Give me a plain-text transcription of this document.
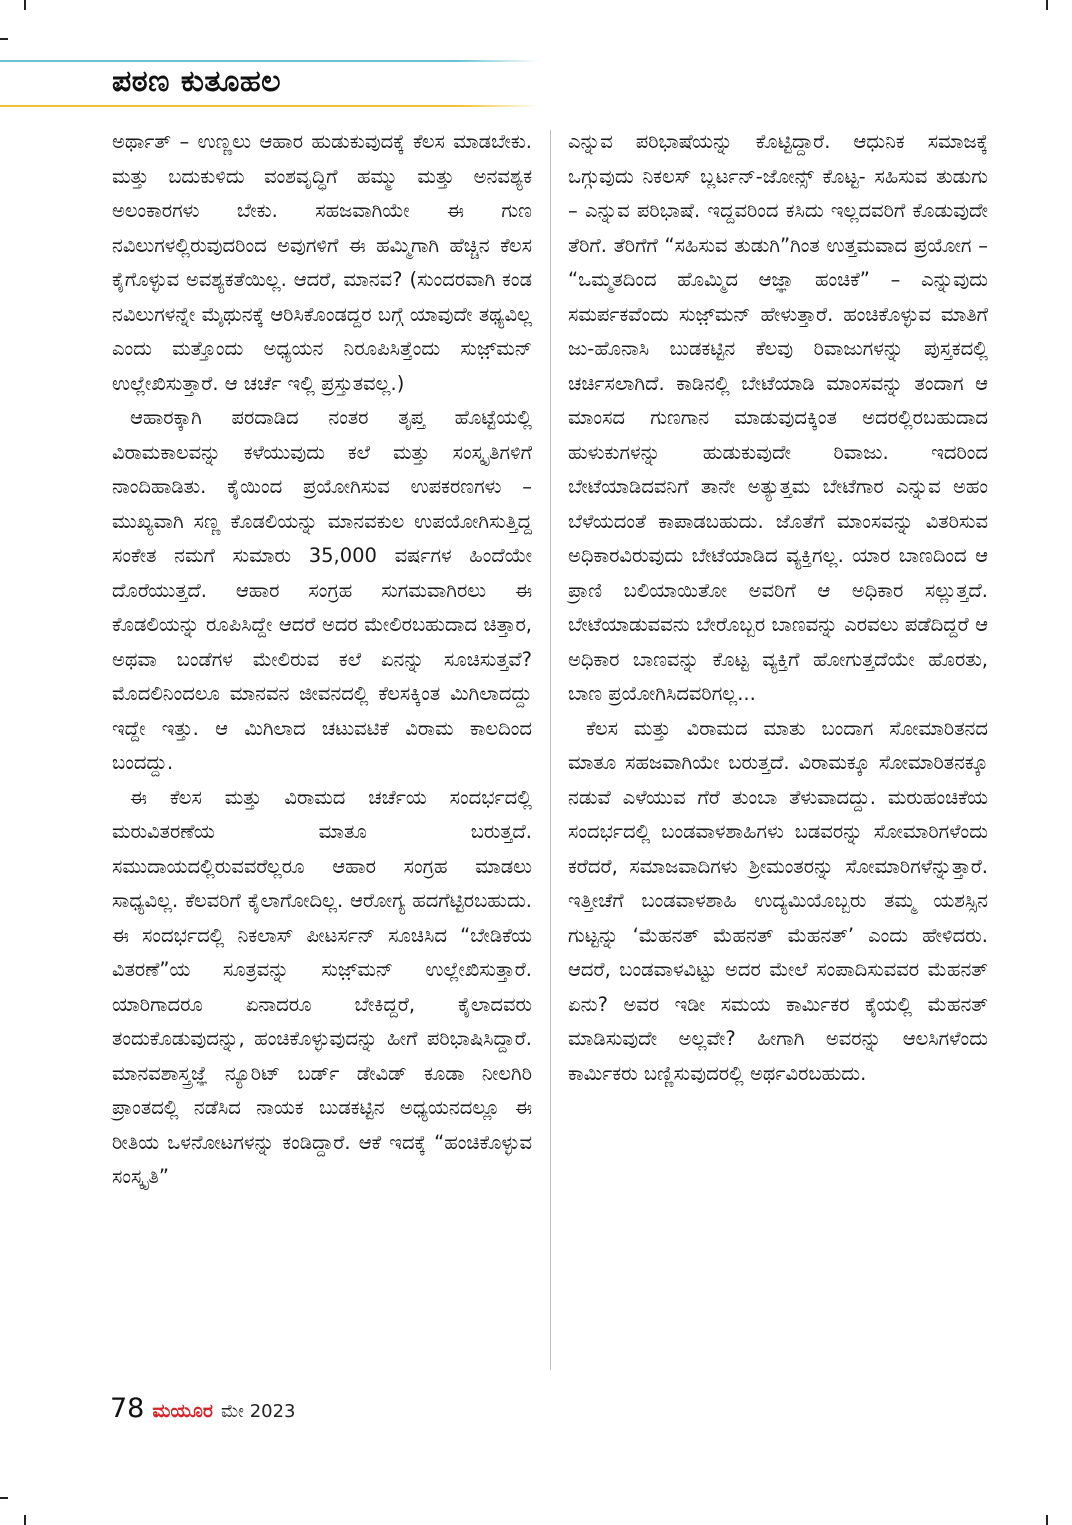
ಪಠಣ ಕುತೂಹಲ

ಅರ್ಥಾತ್ – ಉಣ್ಣಲು ಆಹಾರ ಹುಡುಕುವುದಕ್ಕೆ ಕೆಲಸ ಮಾಡಬೇಕು. ಮತ್ತು ಬದುಕುಳಿದು ವಂಶವೃದ್ಧಿಗೆ ಹಮ್ಮು ಮತ್ತು ಅನವಶ್ಯಕ ಅಲಂಕಾರಗಳು ಬೇಕು. ಸಹಜವಾಗಿಯೇ ಈ ಗುಣ ನವಿಲುಗಳಲ್ಲಿರುವುದರಿಂದ ಅವುಗಳಿಗೆ ಈ ಹಮ್ಮಿಗಾಗಿ ಹೆಚ್ಚಿನ ಕೆಲಸ ಕೈಗೊಳ್ಳುವ ಅವಶ್ಯಕತೆಯಿಲ್ಲ. ಆದರೆ, ಮಾನವ? (ಸುಂದರವಾಗಿ ಕಂಡ ನವಿಲುಗಳನ್ನೇ ಮೈಥುನಕ್ಕೆ ಆರಿಸಿಕೊಂಡದ್ದರ ಬಗ್ಗೆ ಯಾವುದೇ ತಥ್ಯವಿಲ್ಲ ಎಂದು ಮತ್ತೊಂದು ಅಧ್ಯಯನ ನಿರೂಪಿಸಿತ್ತೆಂದು ಸುಜ಼್‌ಮನ್ ಉಲ್ಲೇಖಿಸುತ್ತಾರೆ. ಆ ಚರ್ಚೆ ಇಲ್ಲಿ ಪ್ರಸ್ತುತವಲ್ಲ.)

ಆಹಾರಕ್ಕಾಗಿ ಪರದಾಡಿದ ನಂತರ ತೃಪ್ತ ಹೊಟ್ಟೆಯಲ್ಲಿ ವಿರಾಮಕಾಲವನ್ನು ಕಳೆಯುವುದು ಕಲೆ ಮತ್ತು ಸಂಸ್ಕೃತಿಗಳಿಗೆ ನಾಂದಿಹಾಡಿತು. ಕೈಯಿಂದ ಪ್ರಯೋಗಿಸುವ ಉಪಕರಣಗಳು – ಮುಖ್ಯವಾಗಿ ಸಣ್ಣ ಕೊಡಲಿಯನ್ನು ಮಾನವಕುಲ ಉಪಯೋಗಿಸುತ್ತಿದ್ದ ಸಂಕೇತ ನಮಗೆ ಸುಮಾರು 35,000 ವರ್ಷಗಳ ಹಿಂದೆಯೇ ದೊರೆಯುತ್ತದೆ. ಆಹಾರ ಸಂಗ್ರಹ ಸುಗಮವಾಗಿರಲು ಈ ಕೊಡಲಿಯನ್ನು ರೂಪಿಸಿದ್ದೇ ಆದರೆ ಅದರ ಮೇಲಿರಬಹುದಾದ ಚಿತ್ತಾರ, ಅಥವಾ ಬಂಡೆಗಳ ಮೇಲಿರುವ ಕಲೆ ಏನನ್ನು ಸೂಚಿಸುತ್ತವೆ? ಮೊದಲಿನಿಂದಲೂ ಮಾನವನ ಜೀವನದಲ್ಲಿ ಕೆಲಸಕ್ಕಿಂತ ಮಿಗಿಲಾದದ್ದು ಇದ್ದೇ ಇತ್ತು. ಆ ಮಿಗಿಲಾದ ಚಟುವಟಿಕೆ ವಿರಾಮ ಕಾಲದಿಂದ ಬಂದದ್ದು.

ಈ ಕೆಲಸ ಮತ್ತು ವಿರಾಮದ ಚರ್ಚೆಯ ಸಂದರ್ಭದಲ್ಲಿ ಮರುವಿತರಣೆಯ ಮಾತೂ ಬರುತ್ತದೆ. ಸಮುದಾಯದಲ್ಲಿರುವವರೆಲ್ಲರೂ ಆಹಾರ ಸಂಗ್ರಹ ಮಾಡಲು ಸಾಧ್ಯವಿಲ್ಲ. ಕೆಲವರಿಗೆ ಕೈಲಾಗೋದಿಲ್ಲ. ಆರೋಗ್ಯ ಹದಗೆಟ್ಟಿರಬಹುದು. ಈ ಸಂದರ್ಭದಲ್ಲಿ ನಿಕಲಾಸ್ ಪೀಟರ್ಸನ್ ಸೂಚಿಸಿದ “ಬೇಡಿಕೆಯ ವಿತರಣೆ”ಯ ಸೂತ್ರವನ್ನು ಸುಜ಼್‌ಮನ್ ಉಲ್ಲೇಖಿಸುತ್ತಾರೆ. ಯಾರಿಗಾದರೂ ಏನಾದರೂ ಬೇಕಿದ್ದರೆ, ಕೈಲಾದವರು ತಂದುಕೊಡುವುದನ್ನು, ಹಂಚಿಕೊಳ್ಳುವುದನ್ನು ಹೀಗೆ ಪರಿಭಾಷಿಸಿದ್ದಾರೆ. ಮಾನವಶಾಸ್ತ್ರಜ್ಞೆ ನ್ಯೂರಿಟ್ ಬರ್ಡ್ ಡೇವಿಡ್ ಕೂಡಾ ನೀಲಗಿರಿ ಪ್ರಾಂತದಲ್ಲಿ ನಡೆಸಿದ ನಾಯಕ ಬುಡಕಟ್ಟಿನ ಅಧ್ಯಯನದಲ್ಲೂ ಈ ರೀತಿಯ ಒಳನೋಟಗಳನ್ನು ಕಂಡಿದ್ದಾರೆ. ಆಕೆ ಇದಕ್ಕೆ “ಹಂಚಿಕೊಳ್ಳುವ ಸಂಸ್ಕೃತಿ”

ಎನ್ನುವ ಪರಿಭಾಷೆಯನ್ನು ಕೊಟ್ಟಿದ್ದಾರೆ. ಆಧುನಿಕ ಸಮಾಜಕ್ಕೆ ಒಗ್ಗುವುದು ನಿಕಲಸ್ ಬ್ಲರ್ಟನ್-ಜೋನ್ಸ್ ಕೊಟ್ಟ- ಸಹಿಸುವ ತುಡುಗು – ಎನ್ನುವ ಪರಿಭಾಷೆ. ಇದ್ದವರಿಂದ ಕಸಿದು ಇಲ್ಲದವರಿಗೆ ಕೊಡುವುದೇ ತೆರಿಗೆ. ತೆರಿಗೆಗೆ “ಸಹಿಸುವ ತುಡುಗಿ”ಗಿಂತ ಉತ್ತಮವಾದ ಪ್ರಯೋಗ – “ಒಮ್ಮತದಿಂದ ಹೊಮ್ಮಿದ ಆಜ್ಞಾ ಹಂಚಿಕೆ” – ಎನ್ನುವುದು ಸಮರ್ಪಕವೆಂದು ಸುಜ಼್‌ಮನ್ ಹೇಳುತ್ತಾರೆ. ಹಂಚಿಕೊಳ್ಳುವ ಮಾತಿಗೆ ಜು-ಹೊನಾಸಿ ಬುಡಕಟ್ಟಿನ ಕೆಲವು ರಿವಾಜುಗಳನ್ನು ಪುಸ್ತಕದಲ್ಲಿ ಚರ್ಚಿಸಲಾಗಿದೆ. ಕಾಡಿನಲ್ಲಿ ಬೇಟೆಯಾಡಿ ಮಾಂಸವನ್ನು ತಂದಾಗ ಆ ಮಾಂಸದ ಗುಣಗಾನ ಮಾಡುವುದಕ್ಕಿಂತ ಅದರಲ್ಲಿರಬಹುದಾದ ಹುಳುಕುಗಳನ್ನು ಹುಡುಕುವುದೇ ರಿವಾಜು. ಇದರಿಂದ ಬೇಟೆಯಾಡಿದವನಿಗೆ ತಾನೇ ಅತ್ಯುತ್ತಮ ಬೇಟೆಗಾರ ಎನ್ನುವ ಅಹಂ ಬೆಳೆಯದಂತೆ ಕಾಪಾಡಬಹುದು. ಜೊತೆಗೆ ಮಾಂಸವನ್ನು ವಿತರಿಸುವ ಅಧಿಕಾರವಿರುವುದು ಬೇಟೆಯಾಡಿದ ವ್ಯಕ್ತಿಗಲ್ಲ. ಯಾರ ಬಾಣದಿಂದ ಆ ಪ್ರಾಣಿ ಬಲಿಯಾಯಿತೋ ಅವರಿಗೆ ಆ ಅಧಿಕಾರ ಸಲ್ಲುತ್ತದೆ. ಬೇಟೆಯಾಡುವವನು ಬೇರೊಬ್ಬರ ಬಾಣವನ್ನು ಎರವಲು ಪಡೆದಿದ್ದರೆ ಆ ಅಧಿಕಾರ ಬಾಣವನ್ನು ಕೊಟ್ಟ ವ್ಯಕ್ತಿಗೆ ಹೋಗುತ್ತದೆಯೇ ಹೊರತು, ಬಾಣ ಪ್ರಯೋಗಿಸಿದವರಿಗಲ್ಲ...

ಕೆಲಸ ಮತ್ತು ವಿರಾಮದ ಮಾತು ಬಂದಾಗ ಸೋಮಾರಿತನದ ಮಾತೂ ಸಹಜವಾಗಿಯೇ ಬರುತ್ತದೆ. ವಿರಾಮಕ್ಕೂ ಸೋಮಾರಿತನಕ್ಕೂ ನಡುವೆ ಎಳೆಯುವ ಗೆರೆ ತುಂಬಾ ತೆಳುವಾದದ್ದು. ಮರುಹಂಚಿಕೆಯ ಸಂದರ್ಭದಲ್ಲಿ ಬಂಡವಾಳಶಾಹಿಗಳು ಬಡವರನ್ನು ಸೋಮಾರಿಗಳೆಂದು ಕರೆದರೆ, ಸಮಾಜವಾದಿಗಳು ಶ್ರೀಮಂತರನ್ನು ಸೋಮಾರಿಗಳೆನ್ನುತ್ತಾರೆ. ಇತ್ತೀಚೆಗೆ ಬಂಡವಾಳಶಾಹಿ ಉದ್ಯಮಿಯೊಬ್ಬರು ತಮ್ಮ ಯಶಸ್ಸಿನ ಗುಟ್ಟನ್ನು ‘ಮೆಹನತ್ ಮೆಹನತ್ ಮೆಹನತ್’ ಎಂದು ಹೇಳಿದರು. ಆದರೆ, ಬಂಡವಾಳವಿಟ್ಟು ಅದರ ಮೇಲೆ ಸಂಪಾದಿಸುವವರ ಮೆಹನತ್ ಏನು? ಅವರ ಇಡೀ ಸಮಯ ಕಾರ್ಮಿಕರ ಕೈಯಲ್ಲಿ ಮೆಹನತ್ ಮಾಡಿಸುವುದೇ ಅಲ್ಲವೇ? ಹೀಗಾಗಿ ಅವರನ್ನು ಆಲಸಿಗಳೆಂದು ಕಾರ್ಮಿಕರು ಬಣ್ಣಿಸುವುದರಲ್ಲಿ ಅರ್ಥವಿರಬಹುದು.

78 ಮಯೂರ ಮೇ 2023
